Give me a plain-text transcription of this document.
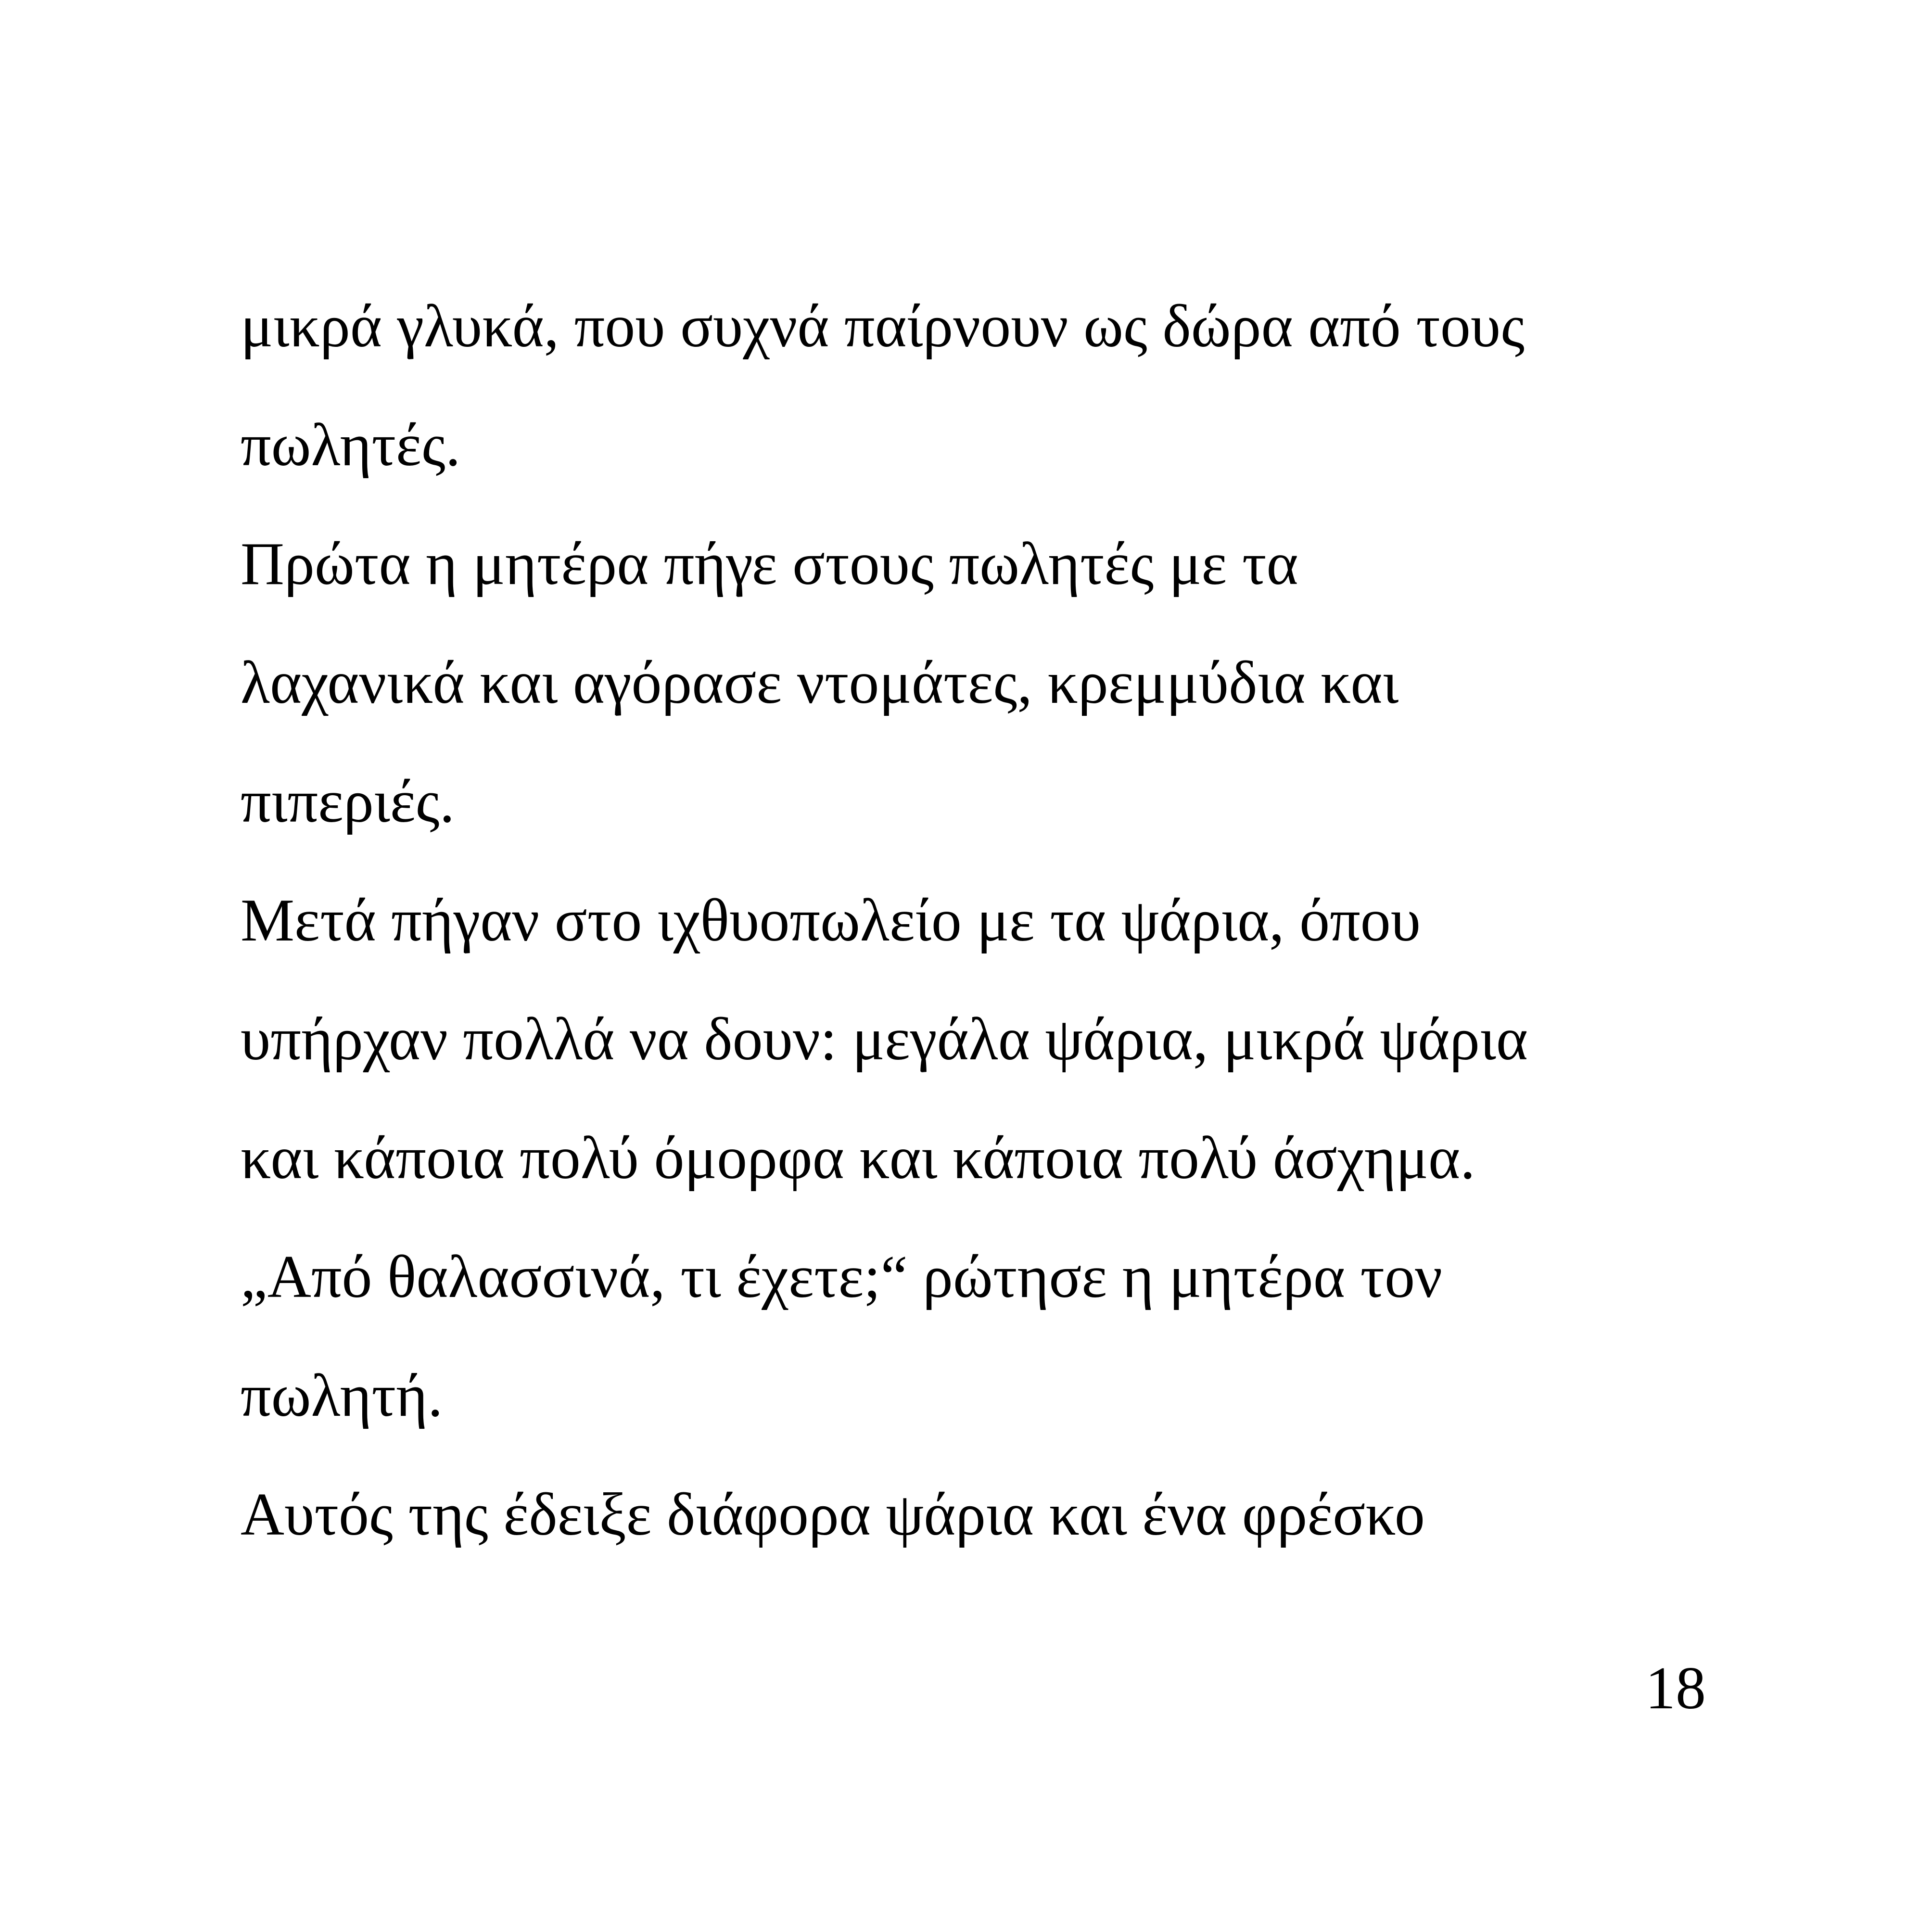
μικρά γλυκά, που συχνά παίρνουν ως δώρα από τους
πωλητές.
Πρώτα η μητέρα πήγε στους πωλητές με τα
λαχανικά και αγόρασε ντομάτες, κρεμμύδια και
πιπεριές.
Μετά πήγαν στο ιχθυοπωλείο με τα ψάρια, όπου
υπήρχαν πολλά να δουν: μεγάλα ψάρια, μικρά ψάρια
και κάποια πολύ όμορφα και κάποια πολύ άσχημα.
„Από θαλασσινά, τι έχετε;“ ρώτησε η μητέρα τον
πωλητή.
Αυτός της έδειξε διάφορα ψάρια και ένα φρέσκο
18
